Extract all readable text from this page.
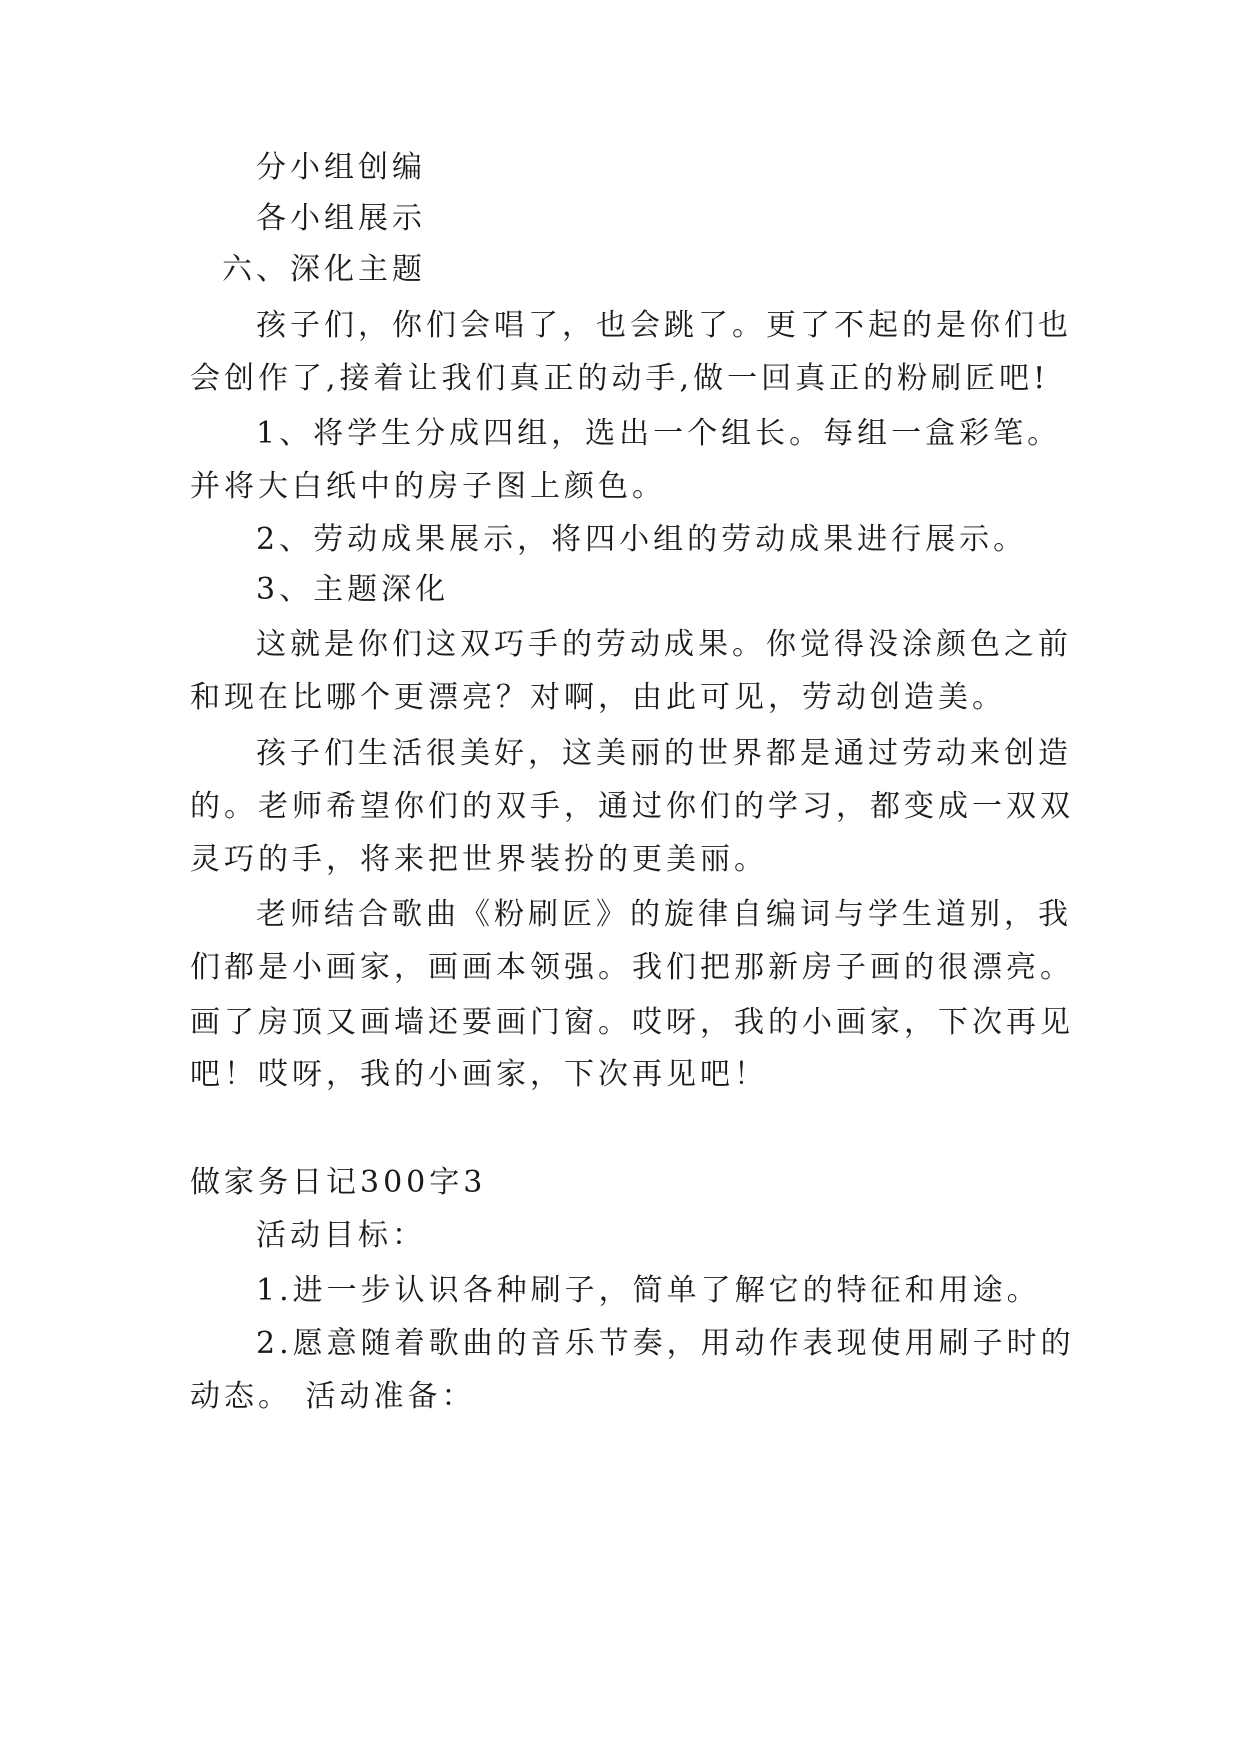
分小组创编
各小组展示
六、深化主题
孩子们，你们会唱了，也会跳了。更了不起的是你们也
会创作了,接着让我们真正的动手,做一回真正的粉刷匠吧!
1、将学生分成四组，选出一个组长。每组一盒彩笔。
并将大白纸中的房子图上颜色。
2、劳动成果展示，将四小组的劳动成果进行展示。
3、主题深化
这就是你们这双巧手的劳动成果。你觉得没涂颜色之前
和现在比哪个更漂亮？对啊，由此可见，劳动创造美。
孩子们生活很美好，这美丽的世界都是通过劳动来创造
的。老师希望你们的双手，通过你们的学习，都变成一双双
灵巧的手，将来把世界装扮的更美丽。
老师结合歌曲《粉刷匠》的旋律自编词与学生道别，我
们都是小画家，画画本领强。我们把那新房子画的很漂亮。
画了房顶又画墙还要画门窗。哎呀，我的小画家，下次再见
吧！哎呀，我的小画家，下次再见吧！
做家务日记300字3
活动目标：
1.进一步认识各种刷子，简单了解它的特征和用途。
2.愿意随着歌曲的音乐节奏，用动作表现使用刷子时的
动态。 活动准备：
